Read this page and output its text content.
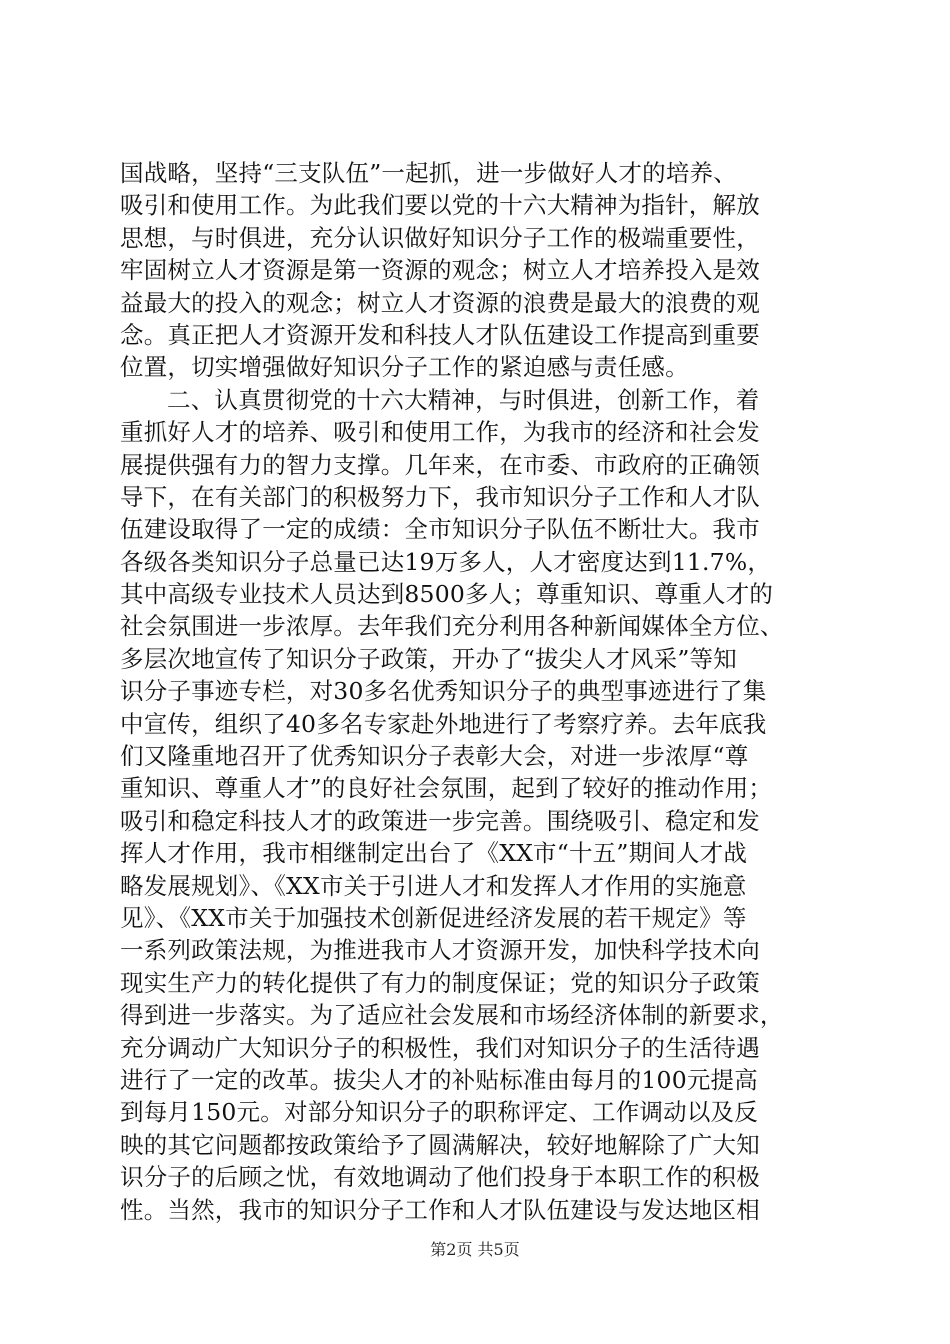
国战略，坚持“三支队伍”一起抓，进一步做好人才的培养、
吸引和使用工作。为此我们要以党的十六大精神为指针，解放
思想，与时俱进，充分认识做好知识分子工作的极端重要性，
牢固树立人才资源是第一资源的观念；树立人才培养投入是效
益最大的投入的观念；树立人才资源的浪费是最大的浪费的观
念。真正把人才资源开发和科技人才队伍建设工作提高到重要
位置，切实增强做好知识分子工作的紧迫感与责任感。
二、认真贯彻党的十六大精神，与时俱进，创新工作，着
重抓好人才的培养、吸引和使用工作，为我市的经济和社会发
展提供强有力的智力支撑。几年来，在市委、市政府的正确领
导下，在有关部门的积极努力下，我市知识分子工作和人才队
伍建设取得了一定的成绩：全市知识分子队伍不断壮大。我市
各级各类知识分子总量已达19万多人，人才密度达到11.7%，
其中高级专业技术人员达到8500多人；尊重知识、尊重人才的
社会氛围进一步浓厚。去年我们充分利用各种新闻媒体全方位、
多层次地宣传了知识分子政策，开办了“拔尖人才风采”等知
识分子事迹专栏，对30多名优秀知识分子的典型事迹进行了集
中宣传，组织了40多名专家赴外地进行了考察疗养。去年底我
们又隆重地召开了优秀知识分子表彰大会，对进一步浓厚“尊
重知识、尊重人才”的良好社会氛围，起到了较好的推动作用；
吸引和稳定科技人才的政策进一步完善。围绕吸引、稳定和发
挥人才作用，我市相继制定出台了《XX市“十五”期间人才战
略发展规划》、《XX市关于引进人才和发挥人才作用的实施意
见》、《XX市关于加强技术创新促进经济发展的若干规定》等
一系列政策法规，为推进我市人才资源开发，加快科学技术向
现实生产力的转化提供了有力的制度保证；党的知识分子政策
得到进一步落实。为了适应社会发展和市场经济体制的新要求，
充分调动广大知识分子的积极性，我们对知识分子的生活待遇
进行了一定的改革。拔尖人才的补贴标准由每月的100元提高
到每月150元。对部分知识分子的职称评定、工作调动以及反
映的其它问题都按政策给予了圆满解决，较好地解除了广大知
识分子的后顾之忧，有效地调动了他们投身于本职工作的积极
性。当然，我市的知识分子工作和人才队伍建设与发达地区相
第2页 共5页
